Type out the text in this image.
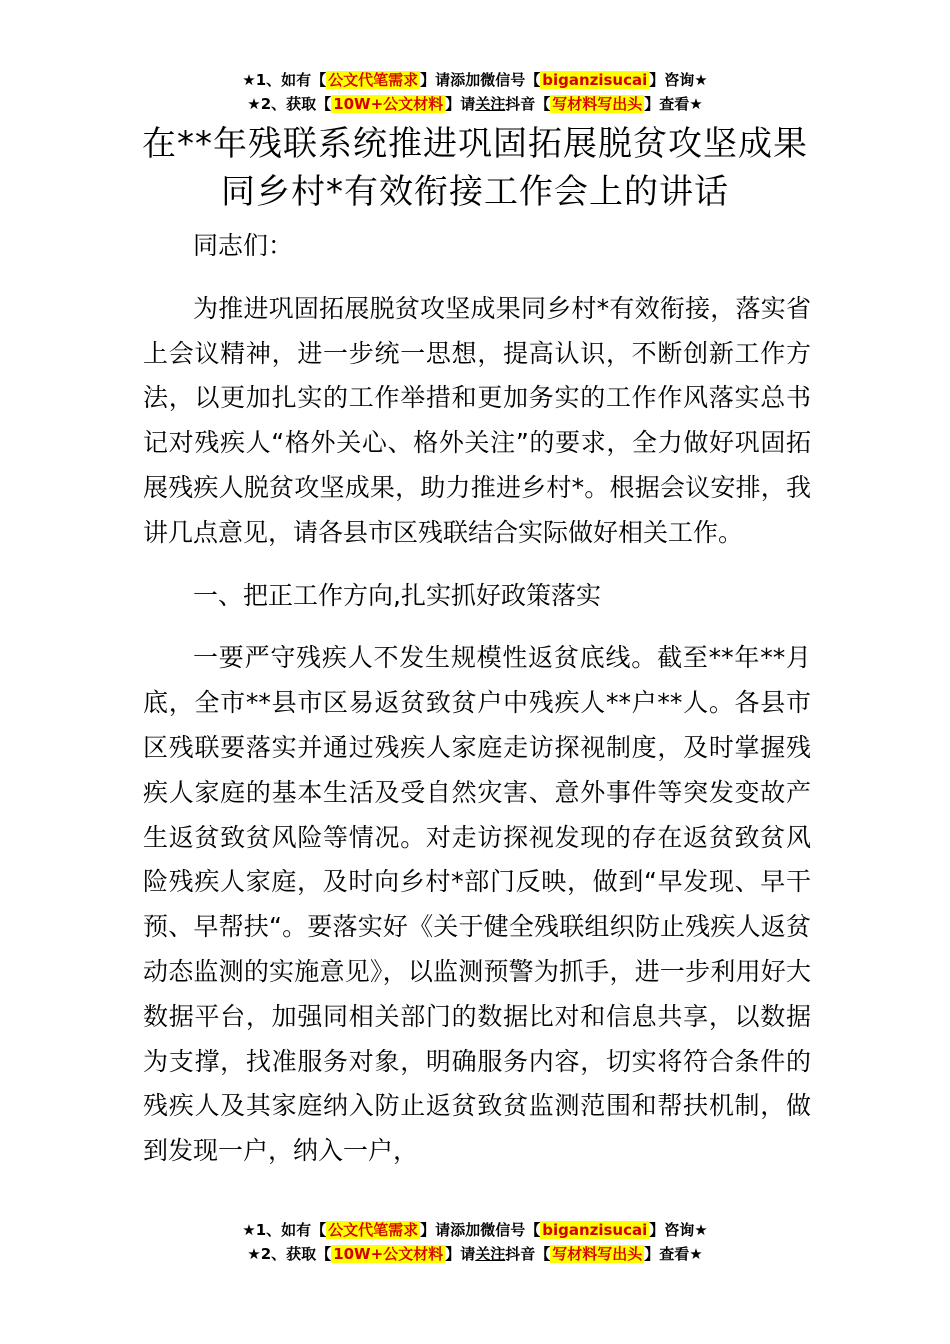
★1、如有【 公文代笔需求 】请添加微信号【 biganzisucai 】咨询★
★2、获取【 10W+公文材料 】请关注抖音【 写材料写出头 】查看★
在**年残联系统推进巩固拓展脱贫攻坚成果
同乡村*有效衔接工作会上的讲话

同志们：

为推进巩固拓展脱贫攻坚成果同乡村*有效衔接，落实省上会议精神，进一步统一思想，提高认识，不断创新工作方法，以更加扎实的工作举措和更加务实的工作作风落实总书记对残疾人“格外关心、格外关注”的要求，全力做好巩固拓展残疾人脱贫攻坚成果，助力推进乡村*。根据会议安排，我讲几点意见，请各县市区残联结合实际做好相关工作。

一、把正工作方向,扎实抓好政策落实

一要严守残疾人不发生规模性返贫底线。截至**年**月底，全市**县市区易返贫致贫户中残疾人**户**人。各县市区残联要落实并通过残疾人家庭走访探视制度，及时掌握残疾人家庭的基本生活及受自然灾害、意外事件等突发变故产生返贫致贫风险等情况。对走访探视发现的存在返贫致贫风险残疾人家庭，及时向乡村*部门反映，做到“早发现、早干预、早帮扶“。要落实好《关于健全残联组织防止残疾人返贫动态监测的实施意见》，以监测预警为抓手，进一步利用好大数据平台，加强同相关部门的数据比对和信息共享，以数据为支撑，找准服务对象，明确服务内容，切实将符合条件的残疾人及其家庭纳入防止返贫致贫监测范围和帮扶机制，做到发现一户，纳入一户，

★1、如有【 公文代笔需求 】请添加微信号【 biganzisucai 】咨询★
★2、获取【 10W+公文材料 】请关注抖音【 写材料写出头 】查看★
